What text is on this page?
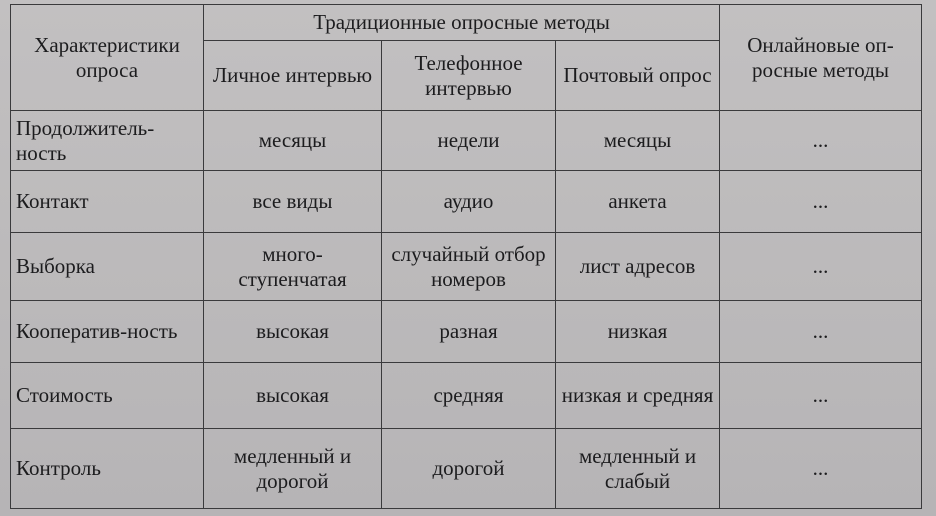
Характеристики опроса	Традиционные опросные методы			Онлайновые оп-росные методы
	Личное интервью	Телефонное интервью	Почтовый опрос	
Продолжитель-ность	месяцы	недели	месяцы	...
Контакт	все виды	аудио	анкета	...
Выборка	много-ступенчатая	случайный отбор номеров	лист адресов	...
Кооператив-ность	высокая	разная	низкая	...
Стоимость	высокая	средняя	низкая и средняя	...
Контроль	медленный и дорогой	дорогой	медленный и слабый	...
